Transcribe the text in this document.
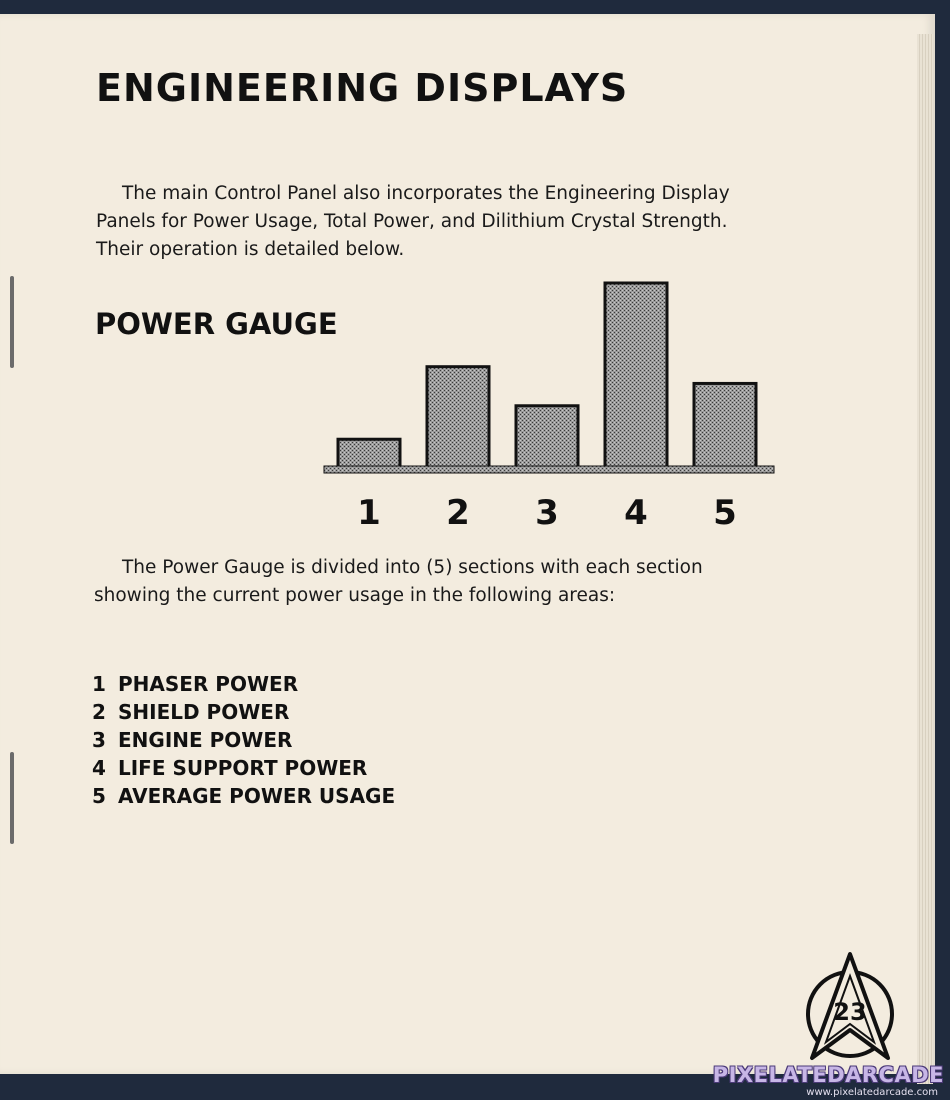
ENGINEERING DISPLAYS
The main Control Panel also incorporates the Engineering Display
Panels for Power Usage, Total Power, and Dilithium Crystal Strength.
Their operation is detailed below.
POWER GAUGE
1 2 3 4 5
The Power Gauge is divided into (5) sections with each section
showing the current power usage in the following areas:
1 PHASER POWER
2 SHIELD POWER
3 ENGINE POWER
4 LIFE SUPPORT POWER
5 AVERAGE POWER USAGE
23
PIXELATEDARCADE
www.pixelatedarcade.com
